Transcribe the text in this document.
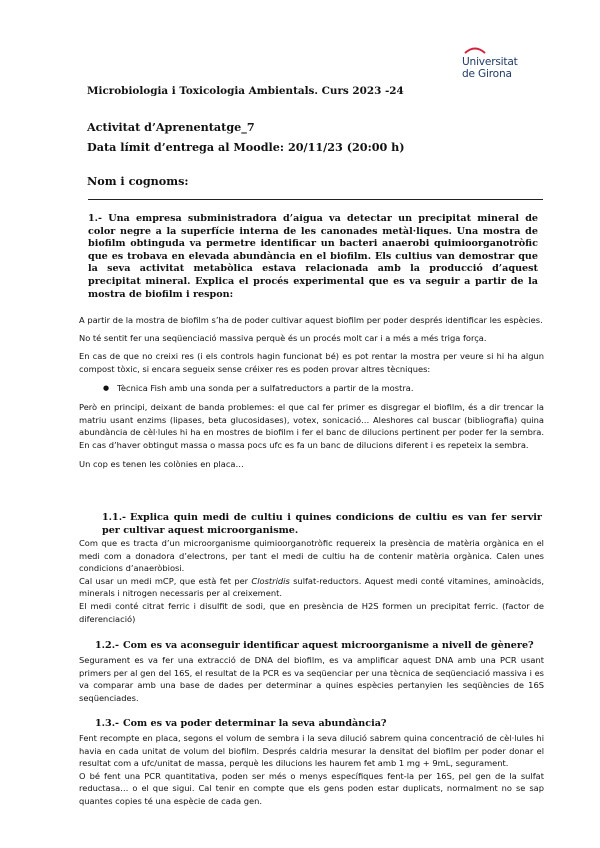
Universitat
de Girona
Microbiologia i Toxicologia Ambientals. Curs 2023 -24
Activitat d’Aprenentatge_7
Data límit d’entrega al Moodle: 20/11/23 (20:00 h)
Nom i cognoms:

1.- Una empresa subministradora d’aigua va detectar un precipitat mineral de color negre a la superfície interna de les canonades metàl·liques. Una mostra de biofilm obtinguda va permetre identificar un bacteri anaerobi quimioorganotròfic que es trobava en elevada abundància en el biofilm. Els cultius van demostrar que la seva activitat metabòlica estava relacionada amb la producció d’aquest precipitat mineral. Explica el procés experimental que es va seguir a partir de la mostra de biofilm i respon:

A partir de la mostra de biofilm s’ha de poder cultivar aquest biofilm per poder després identificar les espècies.

No té sentit fer una seqüenciació massiva perquè és un procés molt car i a més a més triga força.

En cas de que no creixi res (i els controls hagin funcionat bé) es pot rentar la mostra per veure si hi ha algun compost tòxic, si encara segueix sense créixer res es poden provar altres tècniques:

● Tècnica Fish amb una sonda per a sulfatreductors a partir de la mostra.

Però en principi, deixant de banda problemes: el que cal fer primer es disgregar el biofilm, és a dir trencar la matriu usant enzims (lipases, beta glucosidases), votex, sonicació… Aleshores cal buscar (bibliografia) quina abundància de cèl·lules hi ha en mostres de biofilm i fer el banc de dilucions pertinent per poder fer la sembra. En cas d’haver obtingut massa o massa pocs ufc es fa un banc de dilucions diferent i es repeteix la sembra.

Un cop es tenen les colònies en placa…

1.1.- Explica quin medi de cultiu i quines condicions de cultiu es van fer servir per cultivar aquest microorganisme.

Com que es tracta d’un microorganisme quimioorganotròfic requereix la presència de matèria orgànica en el medi com a donadora d’electrons, per tant el medi de cultiu ha de contenir matèria orgànica. Calen unes condicions d’anaeròbiosi.

Cal usar un medi mCP, que està fet per Clostridis sulfat-reductors. Aquest medi conté vitamines, aminoàcids, minerals i nitrogen necessaris per al creixement.

El medi conté citrat ferric i disulfit de sodi, que en presència de H2S formen un precipitat ferric. (factor de diferenciació)

1.2.- Com es va aconseguir identificar aquest microorganisme a nivell de gènere?

Segurament es va fer una extracció de DNA del biofilm, es va amplificar aquest DNA amb una PCR usant primers per al gen del 16S, el resultat de la PCR es va seqüenciar per una tècnica de seqüenciació massiva i es va comparar amb una base de dades per determinar a quines espècies pertanyien les seqüències de 16S seqüenciades.

1.3.- Com es va poder determinar la seva abundància?

Fent recompte en placa, segons el volum de sembra i la seva dilució sabrem quina concentració de cèl·lules hi havia en cada unitat de volum del biofilm. Després caldria mesurar la densitat del biofilm per poder donar el resultat com a ufc/unitat de massa, perquè les dilucions les haurem fet amb 1 mg + 9mL, segurament.

O bé fent una PCR quantitativa, poden ser més o menys específiques fent-la per 16S, pel gen de la sulfat reductasa… o el que sigui. Cal tenir en compte que els gens poden estar duplicats, normalment no se sap quantes copies té una espècie de cada gen.
